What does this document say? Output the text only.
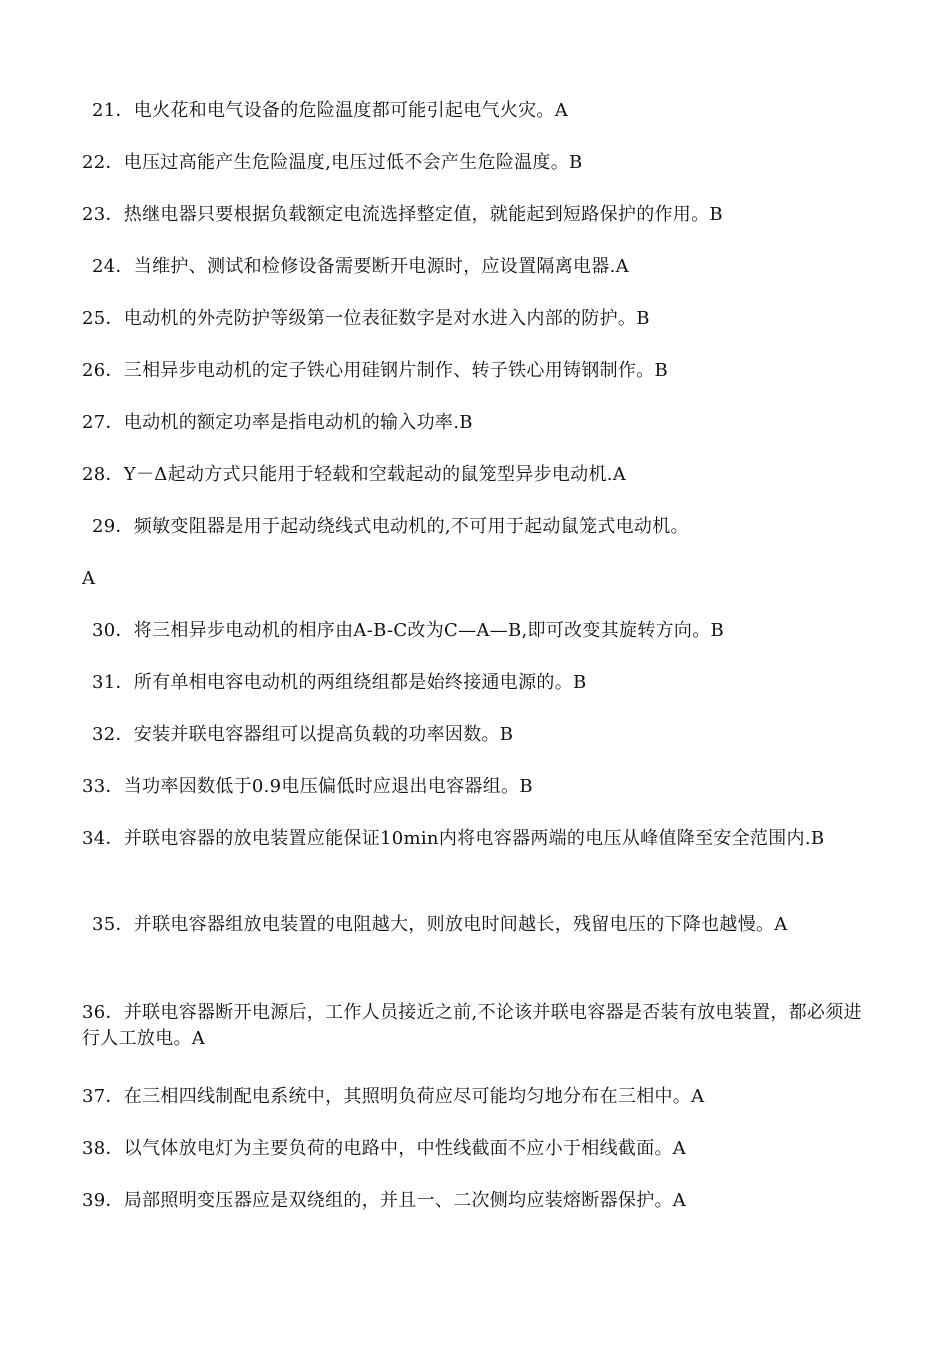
21．电火花和电气设备的危险温度都可能引起电气火灾。A
22．电压过高能产生危险温度,电压过低不会产生危险温度。B
23．热继电器只要根据负载额定电流选择整定值，就能起到短路保护的作用。B
24．当维护、测试和检修设备需要断开电源时，应设置隔离电器.A
25．电动机的外壳防护等级第一位表征数字是对水进入内部的防护。B
26．三相异步电动机的定子铁心用硅钢片制作、转子铁心用铸钢制作。B
27．电动机的额定功率是指电动机的输入功率.B
28．Y－Δ起动方式只能用于轻载和空载起动的鼠笼型异步电动机.A
29．频敏变阻器是用于起动绕线式电动机的,不可用于起动鼠笼式电动机。
A
30．将三相异步电动机的相序由A-B-C改为C—A—B,即可改变其旋转方向。B
31．所有单相电容电动机的两组绕组都是始终接通电源的。B
32．安装并联电容器组可以提高负载的功率因数。B
33．当功率因数低于0.9电压偏低时应退出电容器组。B
34．并联电容器的放电装置应能保证10min内将电容器两端的电压从峰值降至安全范围内.B
35．并联电容器组放电装置的电阻越大，则放电时间越长，残留电压的下降也越慢。A
36．并联电容器断开电源后，工作人员接近之前,不论该并联电容器是否装有放电装置，都必须进行人工放电。A
37．在三相四线制配电系统中，其照明负荷应尽可能均匀地分布在三相中。A
38．以气体放电灯为主要负荷的电路中，中性线截面不应小于相线截面。A
39．局部照明变压器应是双绕组的，并且一、二次侧均应装熔断器保护。A
